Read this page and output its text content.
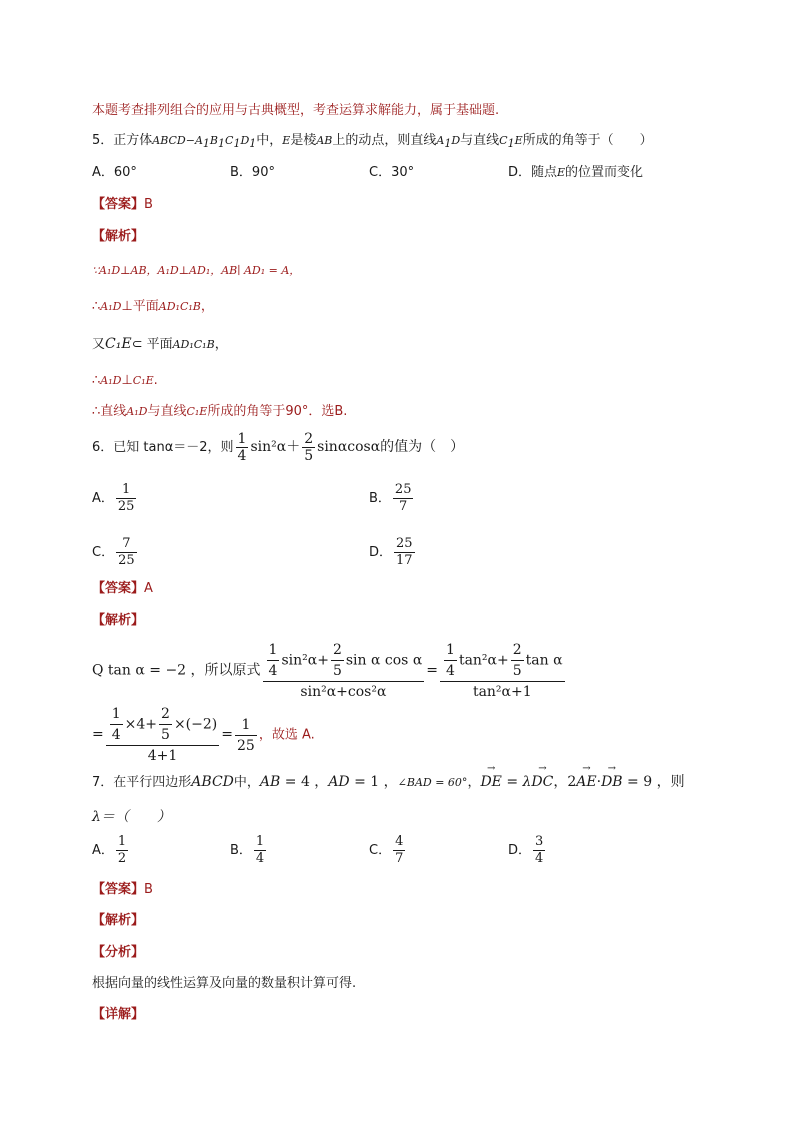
本题考查排列组合的应用与古典概型，考查运算求解能力，属于基础题.
5．正方体$ABCD-A_1B_1C_1D_1$中，E是棱AB上的动点，则直线$A_1D$与直线$C_1E$所成的角等于（　　）
A．60°	B．90°	C．30°	D．随点E的位置而变化
【答案】B
【解析】
∵A₁D⊥AB，A₁D⊥AD₁，AB∣ AD₁ = A，
∴A₁D⊥平面AD₁C₁B，
又C₁E⊂ 平面AD₁C₁B，
∴A₁D⊥C₁E.
∴直线A₁D与直线C₁E所成的角等于90°．选B.
6．已知 tanα＝－2，则 $\frac{1}{4} \sin^2\alpha+ \frac{2}{5}$ sinαcosα的值为（　）
A． $\frac{1}{25}$	B． $\frac{25}{7}$
C． $\frac{7}{25}$	D． $\frac{25}{17}$
【答案】A
【解析】
Q tan α = −2 ，所以原式 $\frac{\frac{1}{4} \sin^2\alpha+ \frac{2}{5} \sin \alpha \cos \alpha}{\text{sin²α+cos²α}} = \frac{\frac{1}{4} \tan^2\alpha+ \frac{2}{5} \tan \alpha}{\text{tan²α+1}}$
= $\frac{\frac{1}{4} \times 4+ \frac{2}{5} \times(-2)}{4+1} = \frac{1}{25}$ ，故选 A.
7．在平行四边形ABCD中，AB = 4 ，AD = 1 ，∠BAD = 60°，→ DE = λ→ DC，2→ AE·→ DB = 9 ，则
λ＝（　　）
A． $\frac{1}{2}$	B． $\frac{1}{4}$	C． $\frac{4}{7}$	D． $\frac{3}{4}$
【答案】B
【解析】
【分析】
根据向量的线性运算及向量的数量积计算可得.
【详解】
